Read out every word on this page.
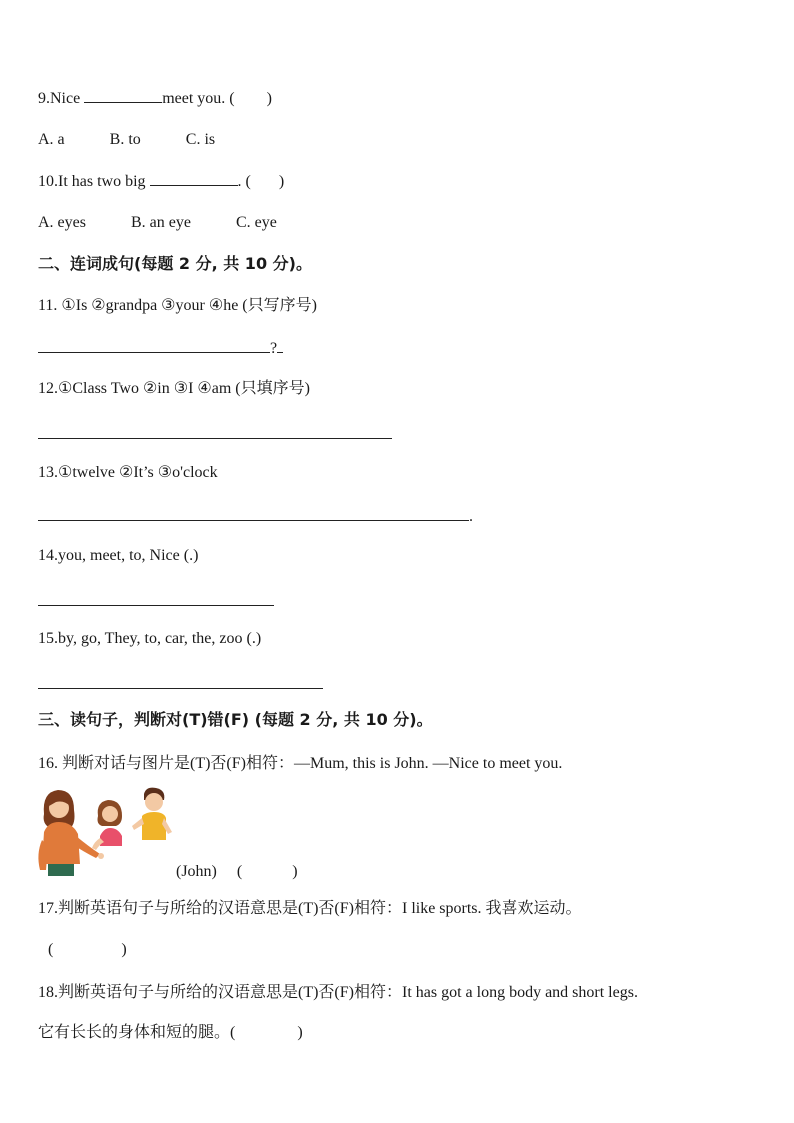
9.Nice	meet you. ( )
A. a	B. to	C. is
10.It has two big	. ( )
A. eyes	B. an eye	C. eye
二、连词成句(每题 2 分, 共 10 分)。
11. ①Is ②grandpa ③your ④he (只写序号)
?
12.①Class Two ②in ③I ④am (只填序号)
13.①twelve ②It’s ③o'clock
.
14.you, meet, to, Nice (.)
15.by, go, They, to, car, the, zoo (.)
三、读句子，判断对(T)错(F) (每题 2 分, 共 10 分)。
16. 判断对话与图片是(T)否(F)相符：—Mum, this is John. —Nice to meet you.
(John) (	)
17.判断英语句子与所给的汉语意思是(T)否(F)相符：I like sports. 我喜欢运动。
(	)
18.判断英语句子与所给的汉语意思是(T)否(F)相符：It has got a long body and short legs.
它有长长的身体和短的腿。(	)
